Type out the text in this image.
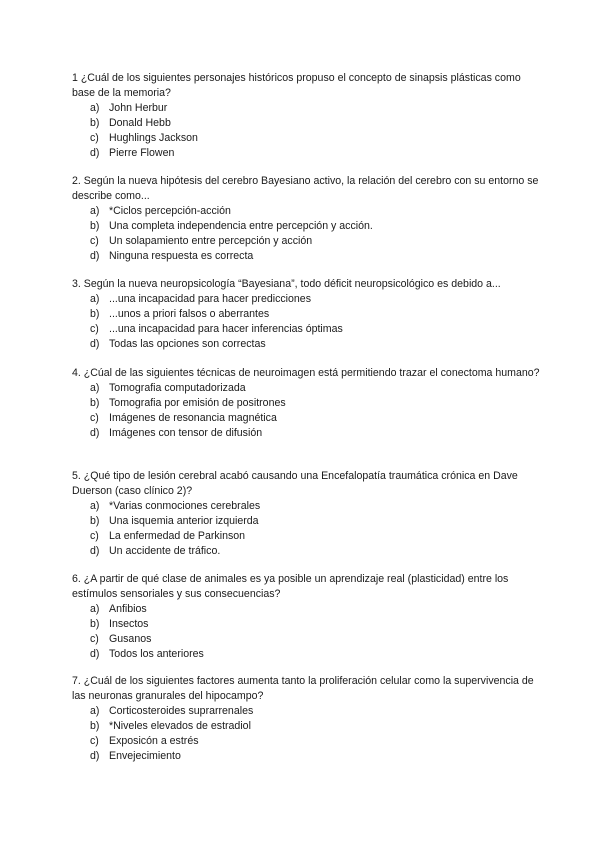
1 ¿Cuál de los siguientes personajes históricos propuso el concepto de sinapsis plásticas como base de la memoria?

a) John Herbur
b) Donald Hebb
c) Hughlings Jackson
d) Pierre Flowen

2. Según la nueva hipótesis del cerebro Bayesiano activo, la relación del cerebro con su entorno se describe como...

a) *Ciclos percepción-acción
b) Una completa independencia entre percepción y acción.
c) Un solapamiento entre percepción y acción
d) Ninguna respuesta es correcta

3. Según la nueva neuropsicología “Bayesiana”, todo déficit neuropsicológico es debido a...

a) ...una incapacidad para hacer predicciones
b) ...unos a priori falsos o aberrantes
c) ...una incapacidad para hacer inferencias óptimas
d) Todas las opciones son correctas

4. ¿Cúal de las siguientes técnicas de neuroimagen está permitiendo trazar el conectoma humano?

a) Tomografia computadorizada
b) Tomografia por emisión de positrones
c) Imágenes de resonancia magnética
d) Imágenes con tensor de difusión

5. ¿Qué tipo de lesión cerebral acabó causando una Encefalopatía traumática crónica en Dave Duerson (caso clínico 2)?

a) *Varias conmociones cerebrales
b) Una isquemia anterior izquierda
c) La enfermedad de Parkinson
d) Un accidente de tráfico.

6. ¿A partir de qué clase de animales es ya posible un aprendizaje real (plasticidad) entre los estímulos sensoriales y sus consecuencias?

a) Anfibios
b) Insectos
c) Gusanos
d) Todos los anteriores

7. ¿Cuál de los siguientes factores aumenta tanto la proliferación celular como la supervivencia de las neuronas granurales del hipocampo?

a) Corticosteroides suprarrenales
b) *Niveles elevados de estradiol
c) Exposicón a estrés
d) Envejecimiento
